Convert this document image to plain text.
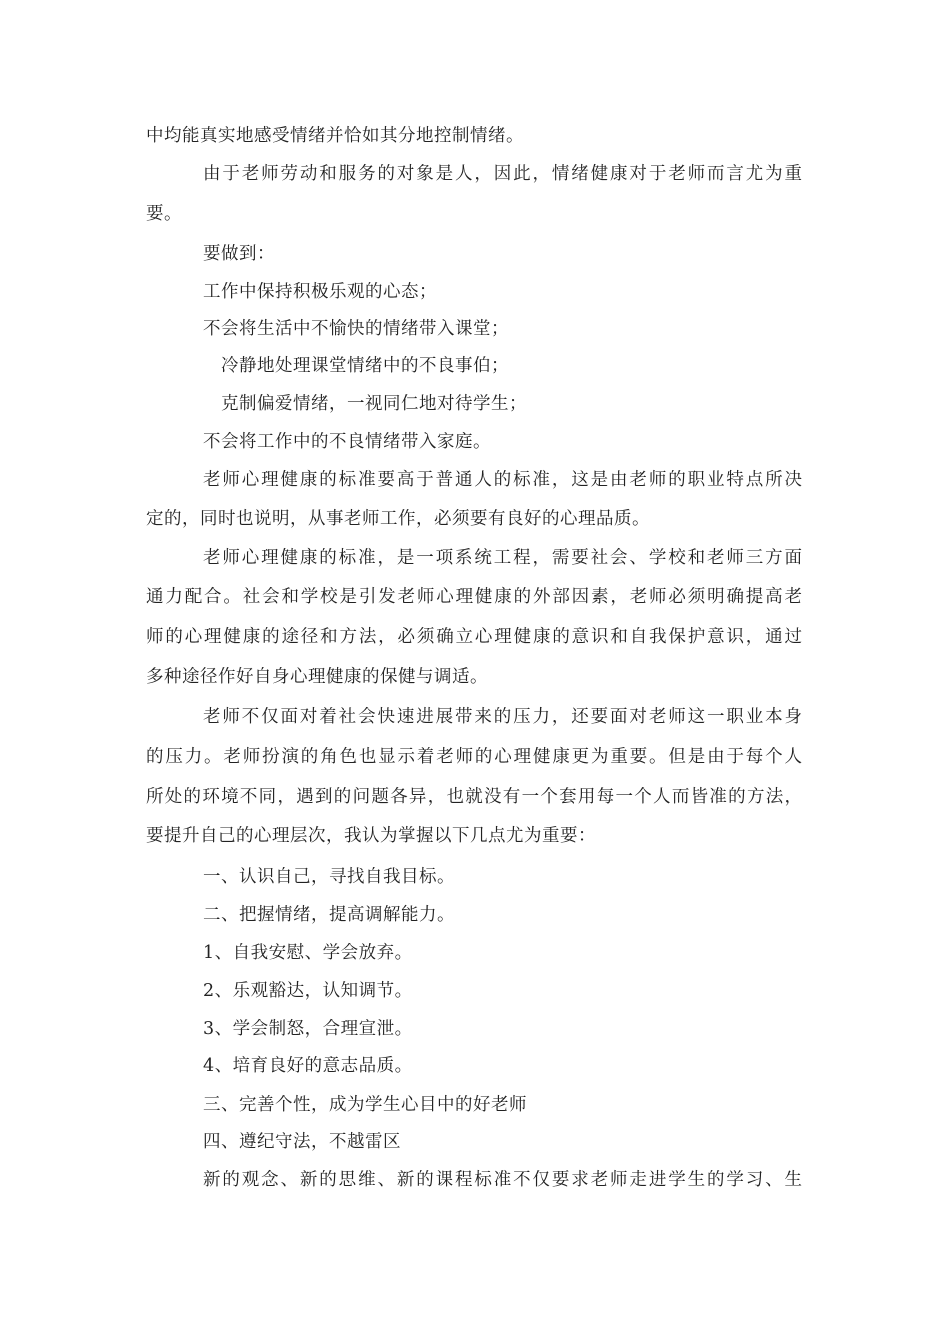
中均能真实地感受情绪并恰如其分地控制情绪。
由于老师劳动和服务的对象是人，因此，情绪健康对于老师而言尤为重
要。
要做到：
工作中保持积极乐观的心态；
不会将生活中不愉快的情绪带入课堂；
冷静地处理课堂情绪中的不良事伯；
克制偏爱情绪，一视同仁地对待学生；
不会将工作中的不良情绪带入家庭。
老师心理健康的标准要高于普通人的标准，这是由老师的职业特点所决
定的，同时也说明，从事老师工作，必须要有良好的心理品质。
老师心理健康的标准，是一项系统工程，需要社会、学校和老师三方面
通力配合。社会和学校是引发老师心理健康的外部因素，老师必须明确提高老
师的心理健康的途径和方法，必须确立心理健康的意识和自我保护意识，通过
多种途径作好自身心理健康的保健与调适。
老师不仅面对着社会快速进展带来的压力，还要面对老师这一职业本身
的压力。老师扮演的角色也显示着老师的心理健康更为重要。但是由于每个人
所处的环境不同，遇到的问题各异，也就没有一个套用每一个人而皆准的方法，
要提升自己的心理层次，我认为掌握以下几点尤为重要：
一、认识自己，寻找自我目标。
二、把握情绪，提高调解能力。
1、自我安慰、学会放弃。
2、乐观豁达，认知调节。
3、学会制怒，合理宣泄。
4、培育良好的意志品质。
三、完善个性，成为学生心目中的好老师
四、遵纪守法，不越雷区
新的观念、新的思维、新的课程标准不仅要求老师走进学生的学习、生
